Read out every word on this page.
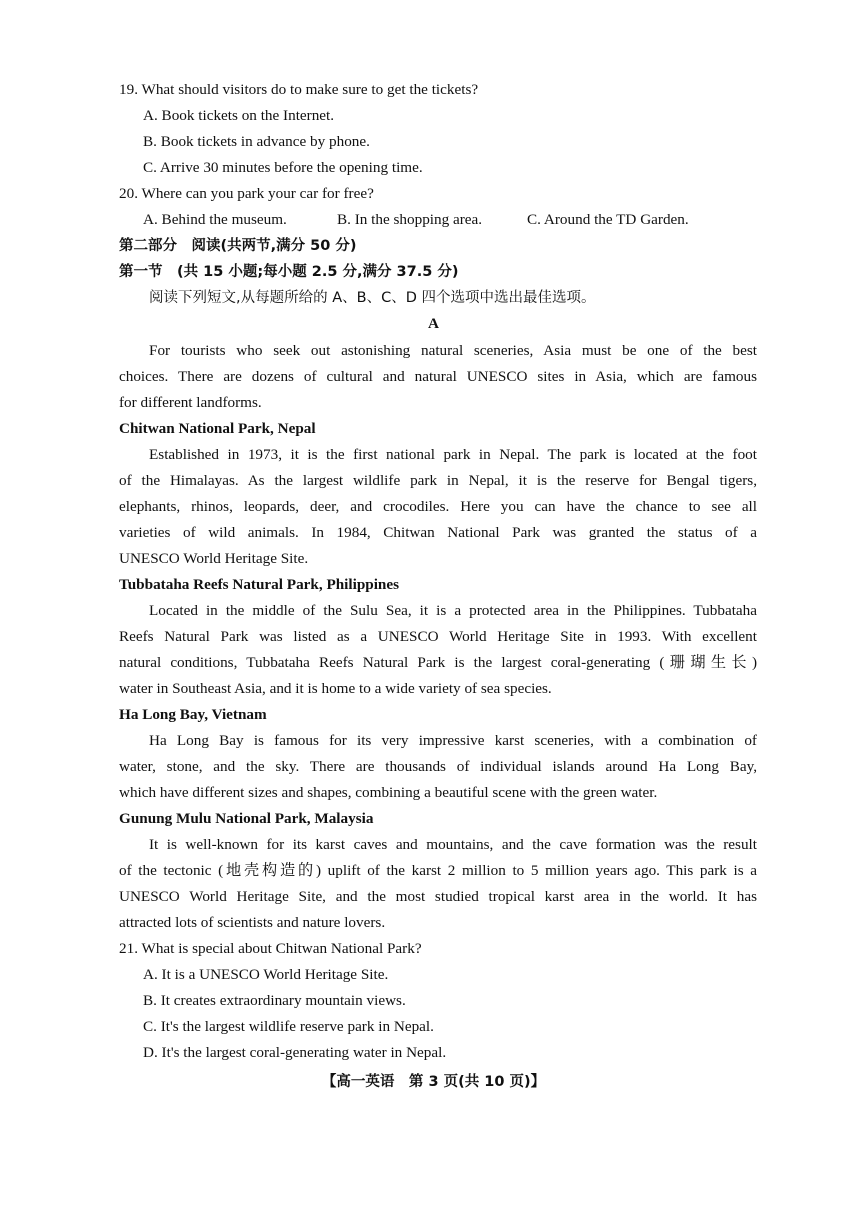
19. What should visitors do to make sure to get the tickets?
A. Book tickets on the Internet.
B. Book tickets in advance by phone.
C. Arrive 30 minutes before the opening time.
20. Where can you park your car for free?
A. Behind the museum.	B. In the shopping area.	C. Around the TD Garden.
第二部分　阅读(共两节,满分 50 分)
第一节　(共 15 小题;每小题 2.5 分,满分 37.5 分)
阅读下列短文,从每题所给的 A、B、C、D 四个选项中选出最佳选项。
A
For tourists who seek out astonishing natural sceneries, Asia must be one of the best
choices. There are dozens of cultural and natural UNESCO sites in Asia, which are famous
for different landforms.
Chitwan National Park, Nepal
Established in 1973, it is the first national park in Nepal. The park is located at the foot
of the Himalayas. As the largest wildlife park in Nepal, it is the reserve for Bengal tigers,
elephants, rhinos, leopards, deer, and crocodiles. Here you can have the chance to see all
varieties of wild animals. In 1984, Chitwan National Park was granted the status of a
UNESCO World Heritage Site.
Tubbataha Reefs Natural Park, Philippines
Located in the middle of the Sulu Sea, it is a protected area in the Philippines. Tubbataha
Reefs Natural Park was listed as a UNESCO World Heritage Site in 1993. With excellent
natural conditions, Tubbataha Reefs Natural Park is the largest coral-generating (珊瑚生长)
water in Southeast Asia, and it is home to a wide variety of sea species.
Ha Long Bay, Vietnam
Ha Long Bay is famous for its very impressive karst sceneries, with a combination of
water, stone, and the sky. There are thousands of individual islands around Ha Long Bay,
which have different sizes and shapes, combining a beautiful scene with the green water.
Gunung Mulu National Park, Malaysia
It is well-known for its karst caves and mountains, and the cave formation was the result
of the tectonic (地壳构造的) uplift of the karst 2 million to 5 million years ago. This park is a
UNESCO World Heritage Site, and the most studied tropical karst area in the world. It has
attracted lots of scientists and nature lovers.
21. What is special about Chitwan National Park?
A. It is a UNESCO World Heritage Site.
B. It creates extraordinary mountain views.
C. It's the largest wildlife reserve park in Nepal.
D. It's the largest coral-generating water in Nepal.
【高一英语　第 3 页(共 10 页)】
